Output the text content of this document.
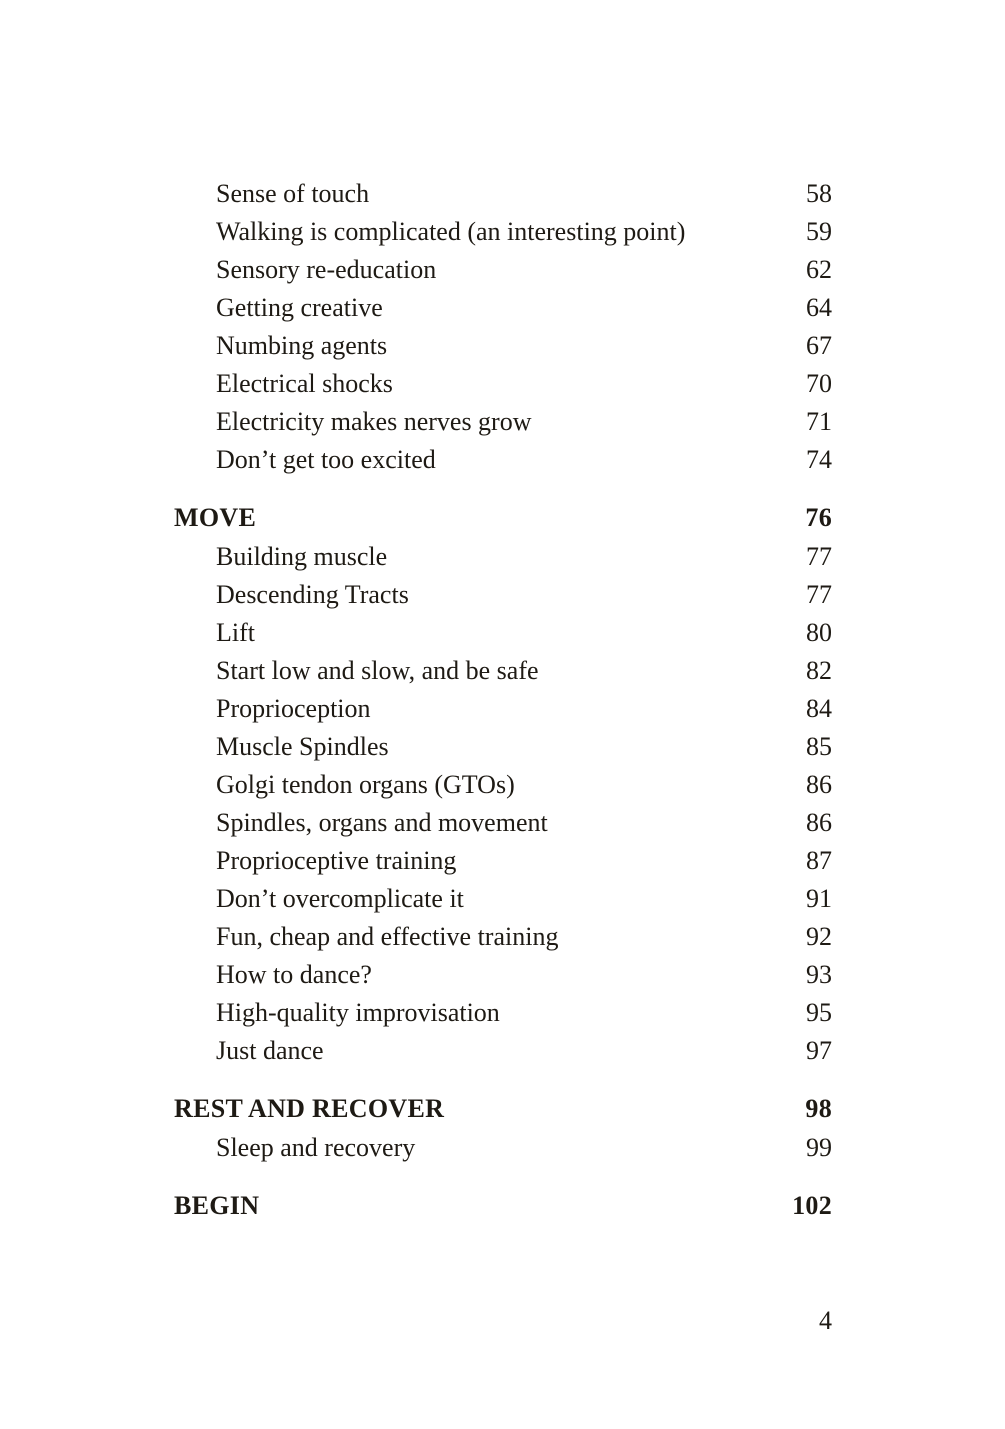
Sense of touch	58
Walking is complicated (an interesting point)	59
Sensory re-education	62
Getting creative	64
Numbing agents	67
Electrical shocks	70
Electricity makes nerves grow	71
Don’t get too excited	74
MOVE	76
Building muscle	77
Descending Tracts	77
Lift	80
Start low and slow, and be safe	82
Proprioception	84
Muscle Spindles	85
Golgi tendon organs (GTOs)	86
Spindles, organs and movement	86
Proprioceptive training	87
Don’t overcomplicate it	91
Fun, cheap and effective training	92
How to dance?	93
High-quality improvisation	95
Just dance	97
REST AND RECOVER	98
Sleep and recovery	99
BEGIN	102
4
